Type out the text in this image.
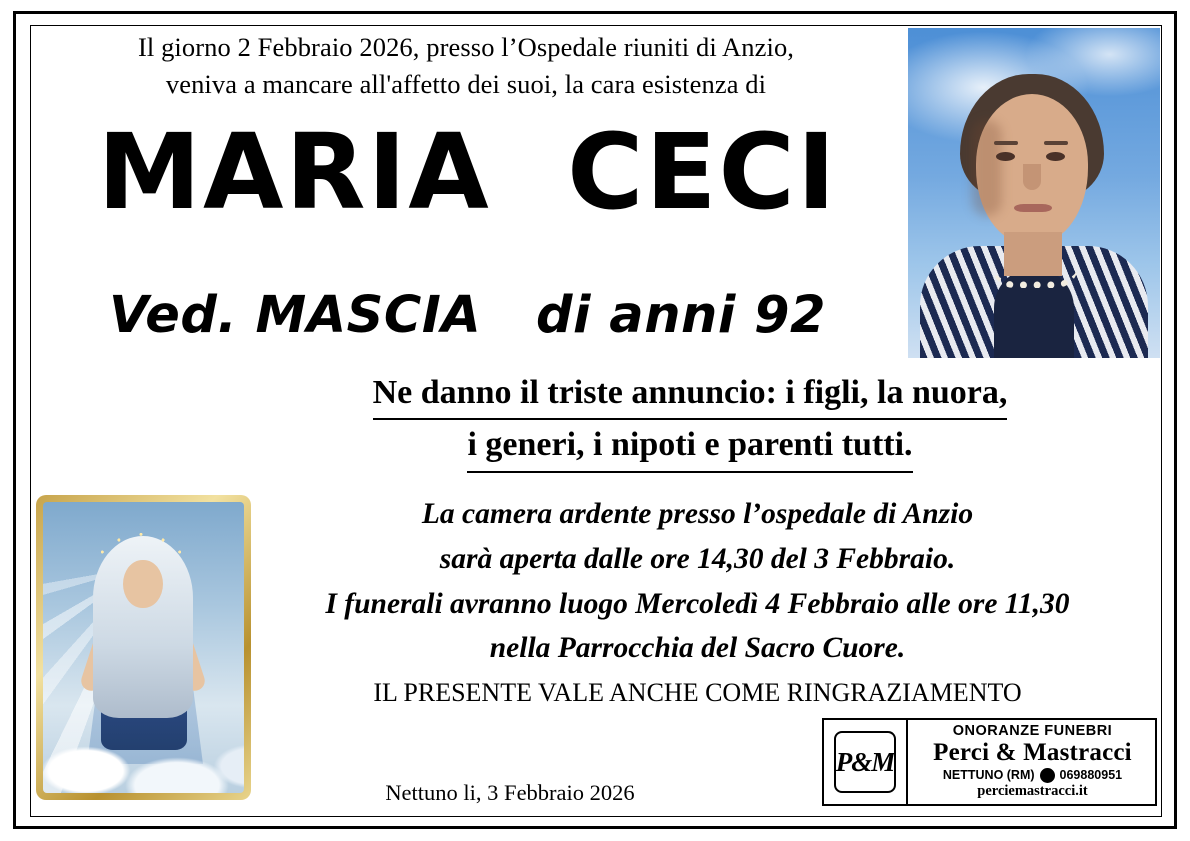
Il giorno 2 Febbraio 2026, presso l’Ospedale riuniti di Anzio,
veniva a mancare all'affetto dei suoi, la cara esistenza di
MARIA  CECI
Ved. MASCIA   di anni 92
Ne danno il triste annuncio: i figli, la nuora,
i generi, i nipoti e parenti tutti.
La camera ardente presso l’ospedale di Anzio
sarà aperta dalle ore 14,30 del 3 Febbraio.
I funerali avranno luogo Mercoledì 4 Febbraio alle ore 11,30
nella Parrocchia del Sacro Cuore.
IL PRESENTE VALE ANCHE COME RINGRAZIAMENTO
Nettuno li, 3 Febbraio 2026
P&M
ONORANZE FUNEBRI
Perci & Mastracci
NETTUNO (RM) 069880951
perciemastracci.it
